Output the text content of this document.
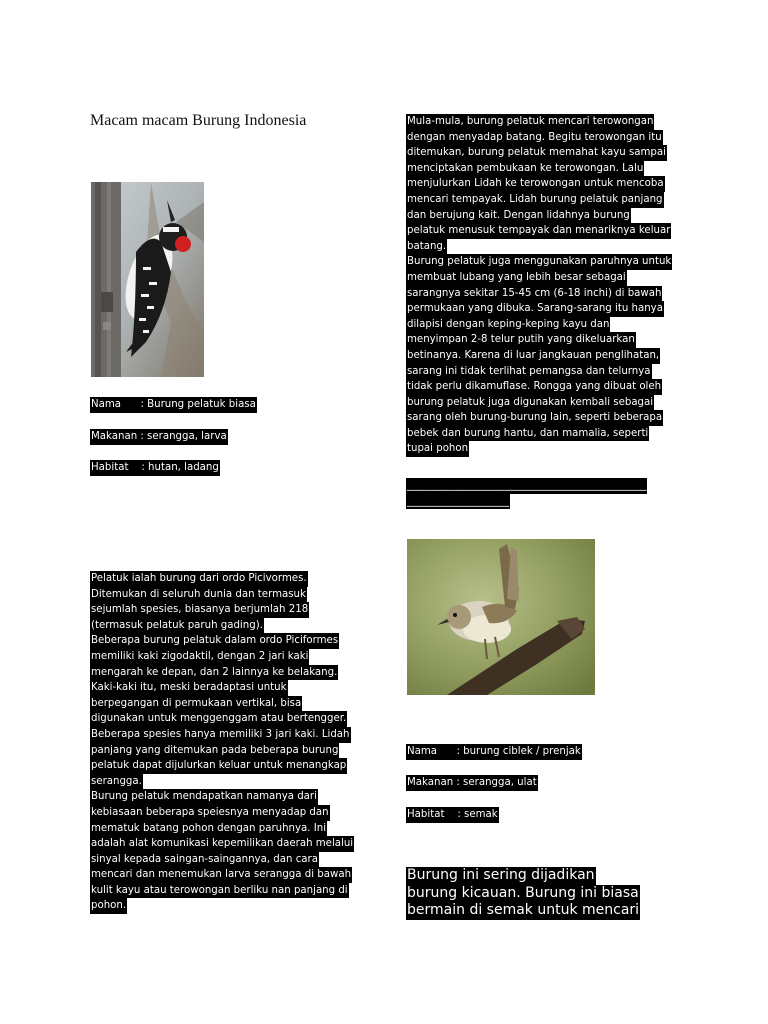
Macam macam Burung Indonesia
Nama      : Burung pelatuk biasa
Makanan : serangga, larva
Habitat    : hutan, ladang
Pelatuk ialah burung dari ordo Picivormes.
Ditemukan di seluruh dunia dan termasuk
sejumlah spesies, biasanya berjumlah 218
(termasuk pelatuk paruh gading).
Beberapa burung pelatuk dalam ordo Piciformes
memiliki kaki zigodaktil, dengan 2 jari kaki
mengarah ke depan, dan 2 lainnya ke belakang.
Kaki-kaki itu, meski beradaptasi untuk
berpegangan di permukaan vertikal, bisa
digunakan untuk menggenggam atau bertengger.
Beberapa spesies hanya memiliki 3 jari kaki. Lidah
panjang yang ditemukan pada beberapa burung
pelatuk dapat dijulurkan keluar untuk menangkap
serangga.
Burung pelatuk mendapatkan namanya dari
kebiasaan beberapa speiesnya menyadap dan
mematuk batang pohon dengan paruhnya. Ini
adalah alat komunikasi kepemilikan daerah melalui
sinyal kepada saingan-saingannya, dan cara
mencari dan menemukan larva serangga di bawah
kulit kayu atau terowongan berliku nan panjang di
pohon.
Mula-mula, burung pelatuk mencari terowongan
dengan menyadap batang. Begitu terowongan itu
ditemukan, burung pelatuk memahat kayu sampai
menciptakan pembukaan ke terowongan. Lalu
menjulurkan Lidah ke terowongan untuk mencoba
mencari tempayak. Lidah burung pelatuk panjang
dan berujung kait. Dengan lidahnya burung
pelatuk menusuk tempayak dan menariknya keluar
batang.
Burung pelatuk juga menggunakan paruhnya untuk
membuat lubang yang lebih besar sebagai
sarangnya sekitar 15-45 cm (6-18 inchi) di bawah
permukaan yang dibuka. Sarang-sarang itu hanya
dilapisi dengan keping-keping kayu dan
menyimpan 2-8 telur putih yang dikeluarkan
betinanya. Karena di luar jangkauan penglihatan,
sarang ini tidak terlihat pemangsa dan telurnya
tidak perlu dikamuflase. Rongga yang dibuat oleh
burung pelatuk juga digunakan kembali sebagai
sarang oleh burung-burung lain, seperti beberapa
bebek dan burung hantu, dan mamalia, seperti
tupai pohon
_______________________________________________
____________________
Nama      : burung ciblek / prenjak
Makanan : serangga, ulat
Habitat    : semak
Burung ini sering dijadikan
burung kicauan. Burung ini biasa
bermain di semak untuk mencari
